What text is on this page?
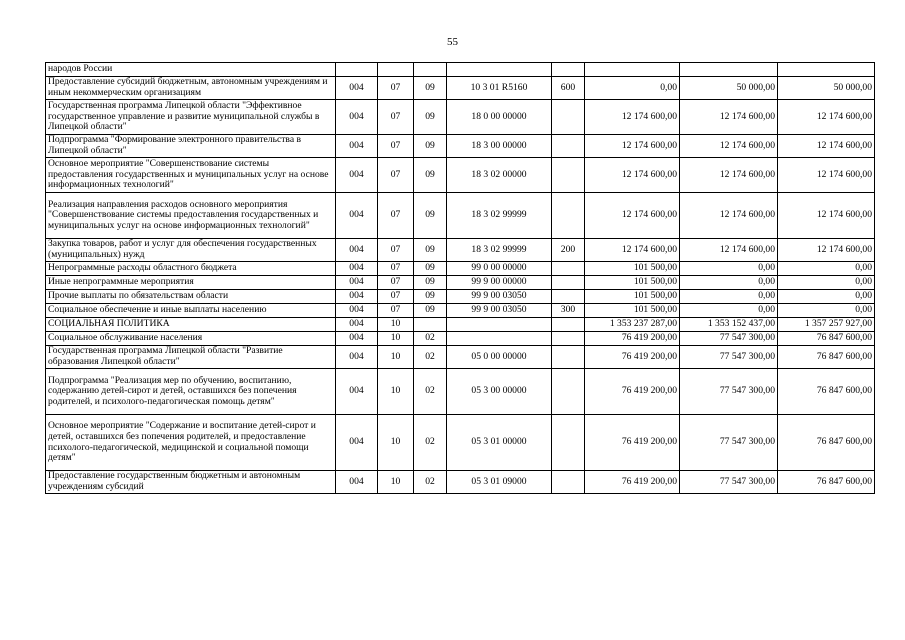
55
народов России								
Предоставление субсидий бюджетным, автономным учреждениям и иным некоммерческим организациям	004	07	09	10 3 01 R5160	600	0,00	50 000,00	50 000,00
Государственная программа Липецкой области "Эффективное государственное управление и развитие муниципальной службы в Липецкой области"	004	07	09	18 0 00 00000		12 174 600,00	12 174 600,00	12 174 600,00
Подпрограмма "Формирование электронного правительства в Липецкой области"	004	07	09	18 3 00 00000		12 174 600,00	12 174 600,00	12 174 600,00
Основное мероприятие "Совершенствование системы предоставления государственных и муниципальных услуг на основе информационных технологий"	004	07	09	18 3 02 00000		12 174 600,00	12 174 600,00	12 174 600,00
Реализация направления расходов основного мероприятия "Совершенствование системы предоставления государственных и муниципальных услуг на основе информационных технологий"	004	07	09	18 3 02 99999		12 174 600,00	12 174 600,00	12 174 600,00
Закупка товаров, работ и услуг для обеспечения государственных (муниципальных) нужд	004	07	09	18 3 02 99999	200	12 174 600,00	12 174 600,00	12 174 600,00
Непрограммные расходы областного бюджета	004	07	09	99 0 00 00000		101 500,00	0,00	0,00
Иные непрограммные мероприятия	004	07	09	99 9 00 00000		101 500,00	0,00	0,00
Прочие выплаты по обязательствам области	004	07	09	99 9 00 03050		101 500,00	0,00	0,00
Социальное обеспечение и иные выплаты населению	004	07	09	99 9 00 03050	300	101 500,00	0,00	0,00
СОЦИАЛЬНАЯ ПОЛИТИКА	004	10				1 353 237 287,00	1 353 152 437,00	1 357 257 927,00
Социальное обслуживание населения	004	10	02			76 419 200,00	77 547 300,00	76 847 600,00
Государственная программа Липецкой области "Развитие образования Липецкой области"	004	10	02	05 0 00 00000		76 419 200,00	77 547 300,00	76 847 600,00
Подпрограмма "Реализация мер по обучению, воспитанию, содержанию детей-сирот и детей, оставшихся без попечения родителей, и психолого-педагогическая помощь детям"	004	10	02	05 3 00 00000		76 419 200,00	77 547 300,00	76 847 600,00
Основное мероприятие "Содержание и воспитание детей-сирот и детей, оставшихся без попечения родителей, и предоставление психолого-педагогической, медицинской и социальной помощи детям"	004	10	02	05 3 01 00000		76 419 200,00	77 547 300,00	76 847 600,00
Предоставление государственным бюджетным и автономным учреждениям субсидий	004	10	02	05 3 01 09000		76 419 200,00	77 547 300,00	76 847 600,00
